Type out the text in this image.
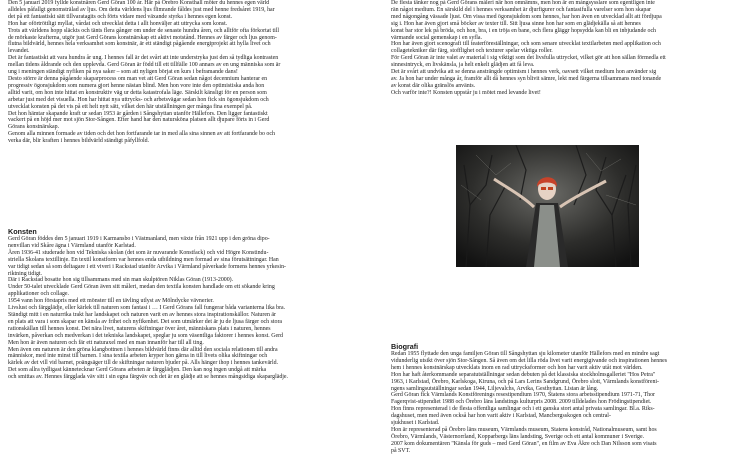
Den 5 januari 2019 fyllde konstnären Gerd Göran 100 år. Här på Örebro Konsthall möter du hennes egen värld

alldeles påfallgt genomsträlad av ljus. Om detta världens ljus flimrande fåldes just med henne fredsåret 1919, har

det på ett fantastiskt sätt tillvaratagits och förts vidare med växande styrka i hennes egen konst.

Hon har oförtröttligt myllat, vårdat och utvecklat detta i allt honväljer att uttrycka som konst.

Trots att världens hopp släckts och tänts flera gånger om under de senaste hundra åren, och alltför ofta förkortat till

de mörkaste krafterna, utgör just Gerd Görans konstnärskap ett aktivt motstånd. Hennes av färger och ljus genom-

flutna bildvärld, hennes hela verksamhet som konstnär, är ett ständigt pågående energiprojekt att hylla livet och

levandet.

Det är fantastiskt att vara hundra år ung. I hennes fall är det svårt att inte understryka just den så tydliga kontrasten

mellan tidens åldrande och den upplevda. Gerd Göran är född till ett tillfälle 100 annars av en ung människa som är

ung i meningen ständigt nyfiken på nya saker – som att nyligen börjat en kurs i beframande dans!

Desto större är denna pågående skaparprocess om man vet att Gerd Göran sedan något decennium hanterar en

progressiv ögonsjukdom som numera gjort henne nästan blind. Men hon vore inte den optimistiska anda hon

alltid varit, om hon inte hittat en konstruktiv väg ur detta katastrofala läge. Särskilt känsligt för en person som

arbetar just med det visuella. Hon har hittat nya uttrycks- och arbetsvägar sedan hon fick sin ögonsjukdom och

utvecklat konsten på det vis på ett helt nytt sätt, vilket den här utställningen ger många fina exempel på.

Det hon hämtar skapande kraft ur sedan 1953 är gården i Sångshyttan utanför Hällefors. Den ligger fantastiskt

vackert på en höjd mer mot sjön Stor-Sången. Efter hand har den naturskönа platsen allt djupare förts in i Gerd

Görans konstnärskap.

Genom alla minnen formade av tiden och det hon fortfarande tar in med alla sina sinnen av att fortfarande bo och

verka där, blir kraften i hennes bildvärld ständigt påfyllfold.

Konsten

Gerd Göran föddes den 5 januari 1919 i Karmansbo i Västmanland, men växte från 1921 upp i den gröna dipo-

nenvillan vid Skåre ägna i Värmland utanför Karlstad.

Åren 1936-41 studerade hon vid Tekniska skolan (det som är nuvarande Konstfack) och vid Högre Konstindu-

striella Skolans textillinje. En textil konstform var hennes enda utbildning men formad av sina förutsättningar. Han

var tidigt sedan så som deltagare i ett viveri i Rackstad utanför Arvika i Värmland påverkade formens hennes yrkesin-

riktning tidigt.

Där i Rackstad bosatte hon sig tillsammans med sin man skulptören Niklas Göran (1913-2000).

Under 50-talet utvecklade Gerd Göran även sitt måleri, medan den textila konsten handlade om ett sökande kring

applikationer och collage.

1954 vann hon förstapris med ett mönster till en tävling utlyst av Mölndycke vävnerier.

Livslust och färgglädje, eller kärlek till naturen som fantasi i … I Gerd Görans fall fungerar båda varianterna lika bra.

Ständigt mitt i en naturrika trakt har landskapet och naturen varit en av hennes stora inspirationskällor. Naturen är

en plats att vara i som skapar en känsla av frihet och nyfikenhet. Det som utmärker det är ju de ljusa färger och stora

rationskällan till hennes konst. Det nära livet, naturens skiftningar över året, människans plats i naturen, hennes

invärken, påverkan och medverkan i det tekniska landskapet, speglar ju som väsentliga faktorer i hennes konst. Gerd

Men hon är även naturen och fär ett naturaxel med en man innanför har till all ting.

Men även om naturen är den gröna klangbottnen i hennes bildvärld finns där alltid den sociala relationen till andra

människor, med inte minst till barnen. I sina textila arbeten kryper hon gärna in till livets olika skiftningar och

kärlek av det vill vid barnet, poängsäger till de skiftningar naturen bjuder på. Alls hänger ihop i hennes tankevärld.

Det som allra tydligast kännetecknar Gerd Görans arbeten är färgglädjen. Den kan nog ingen undgå att märka

och smittas av. Hennes färgglada väv sitt i sin egna färgväv och det är en glädje att se hennes mångsidiga skaparglädje.

De flesta tänker nog på Gerd Görans måleri när hon omnämns, men hon är en mångsysslare som egentligen inte

rän något medium. En särskild del i hennes verksamhet är djurfigurer och fantasifulla varelser som hon skapar

med någongång vässade ljust. Om vissa med ögonsjukdom som hennes, har hon även en utvecklad allt att fördjupa

sig i. Hon har även gjort små böcker av texter till. Sitt ljusa sinne hon har som en glädjekälla så att hennes

konst bar stor lek på bröda, och hon, bra, i en tröja en bane, och flera gläggr hopsydda kan bli en inbjudande och

värmande social gemenskap i en syfla.

Hon har även gjort scenografi till teaterföreställningar, och som senare utvecklat textilarbeten med applikation och

collagetekniker där färg, stofflighet och texturer spelar viktiga roller.

För Gerd Göran är inte valet av material i sig viktigt som det livsfulla uttrycket, vilket gör att hon sällan förmedla ett

sinnesintryck, en livskänsla, ja helt enkelt glädjen att få leva.

Det är svårt att undvika att se denna ansträngde optimism i hennes verk, oavsett vilket medium hon använder sig

av. Ja hon har under många år, framför allt då hennes syn blivit sämre, lekt med färgerna tillsammans med tonande

av konst där olika gränslös använts.

Och varför inte?! Konsten uppstår ju i mötet med levande livet!

Biografi

Redan 1955 flyttade den unga familjen Göran till Sångshyttan sju kilometer utanför Hällefors med en mindre sagt

vidunderlig utsikt över sjön Stor-Sången. Så även om det lilla röda livet varit energigivande och inspirationen hennes

hem i hennes konstnärskap utvecklats inom en rad uttrycksformer och hon har varit aktiv utåt mot världen.

Hon har haft återkommande separatutställningar sedan debuten på det klassiska stockholmsgalleriet "Hos Petra"

1963, i Karlstad, Örebro, Karlskoga, Kiruna, och på Lars Lerins Sandgrund, Örebro slott, Värmlands konstföreni-

ngens samlingsutställningar sedan 1944, Liljevalchs, Arvika, Gesthyttan. Listan är lång.

Gerd Göran fick Värmlands Konstförenings resestipendium 1970, Statens stora arbetsstipendium 1971-71, Thor

Fagerqvist-stipendiet 1988 och Örebro läns landstings kulturpris 2008. 2009 tilldelades hon Frödingstipendiet.

Hon finns representerad i de flesta offentliga samlingar och i ett ganska stort antal privata samlingar. Bl.a. Riks-

dagshuset, men med även också har hon varit aktiv i Karlstad, Mancbergsskogen och central-

sjukhuset i Karlstad.

Hon är representerad på Örebro läns museum, Värmlands museum, Statens konstråd, Nationalmuseum, samt hos

Örebro, Värmlands, Västernorrland, Kopparbergs läns landsting, Sverige och ett antal kommuner i Sverige.

2007 kom dokumentären "Känsla för guds – med Gerd Göran", en film av Eva Åkre och Dan Nilsson som visats

på SVT.
